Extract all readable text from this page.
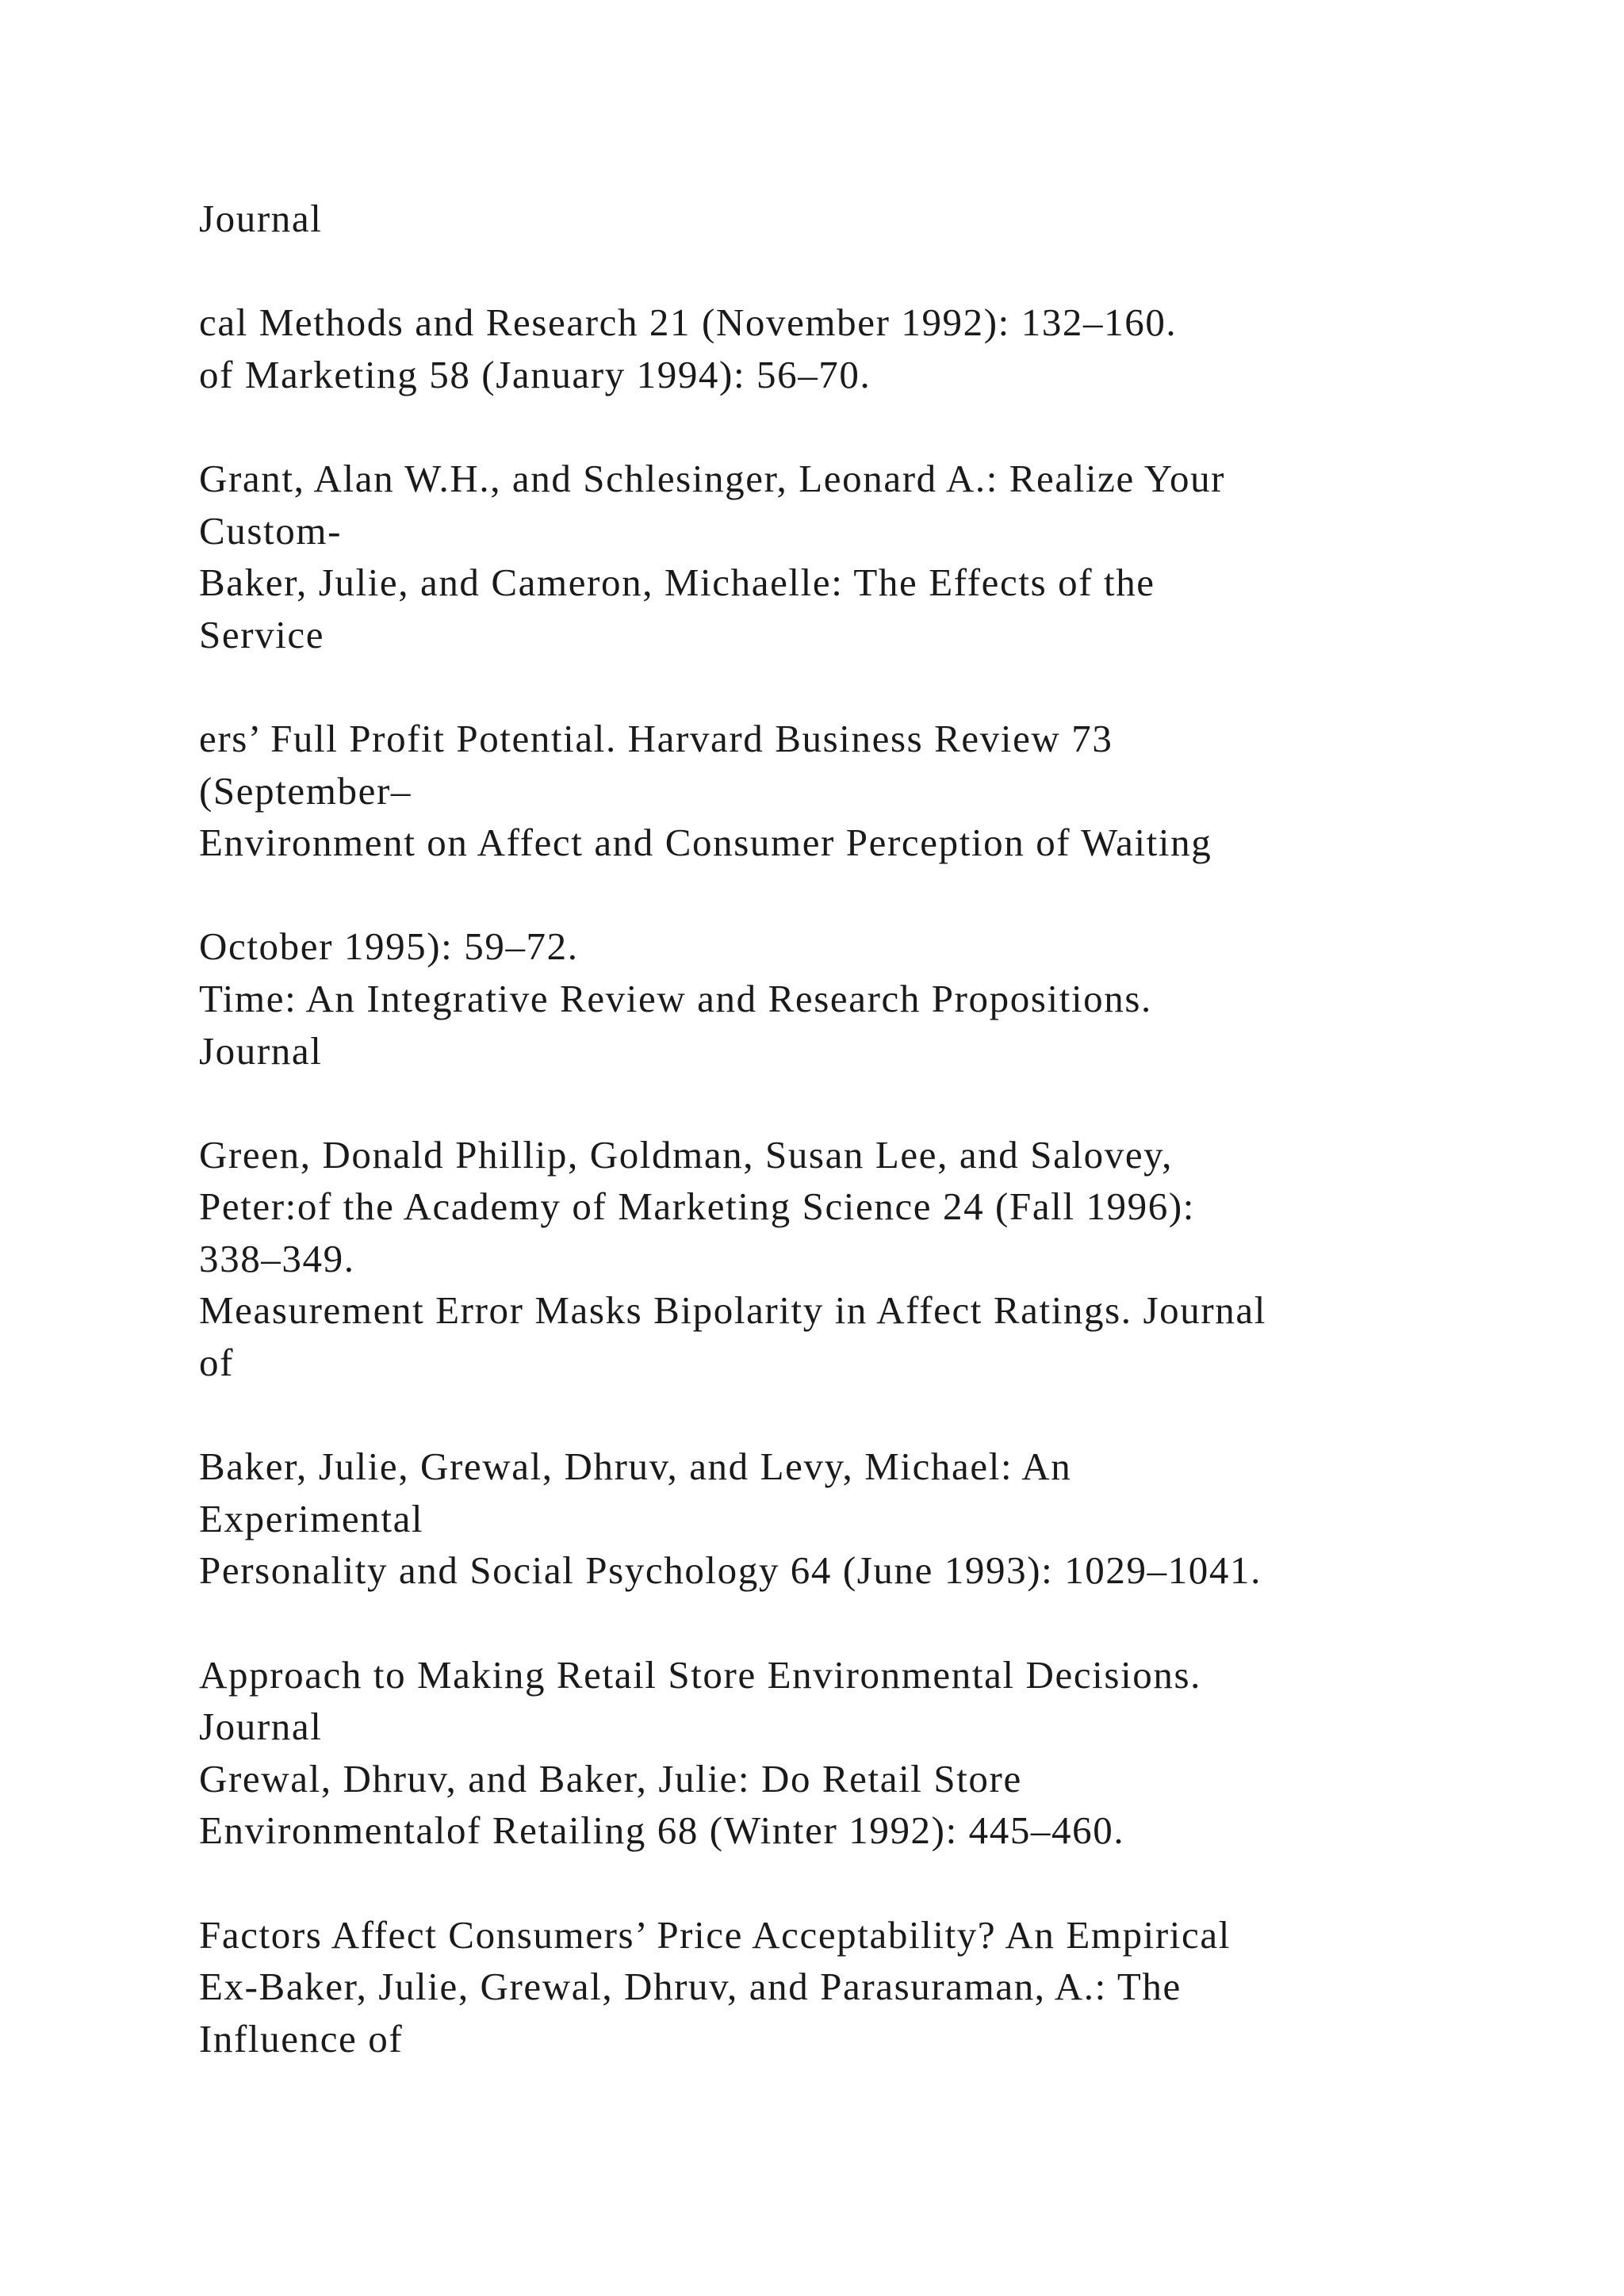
Journal
cal Methods and Research 21 (November 1992): 132–160.
of Marketing 58 (January 1994): 56–70.
Grant, Alan W.H., and Schlesinger, Leonard A.: Realize Your
Custom-
Baker, Julie, and Cameron, Michaelle: The Effects of the
Service
ers’ Full Profit Potential. Harvard Business Review 73
(September–
Environment on Affect and Consumer Perception of Waiting
October 1995): 59–72.
Time: An Integrative Review and Research Propositions.
Journal
Green, Donald Phillip, Goldman, Susan Lee, and Salovey,
Peter:of the Academy of Marketing Science 24 (Fall 1996):
338–349.
Measurement Error Masks Bipolarity in Affect Ratings. Journal
of
Baker, Julie, Grewal, Dhruv, and Levy, Michael: An
Experimental
Personality and Social Psychology 64 (June 1993): 1029–1041.
Approach to Making Retail Store Environmental Decisions.
Journal
Grewal, Dhruv, and Baker, Julie: Do Retail Store
Environmentalof Retailing 68 (Winter 1992): 445–460.
Factors Affect Consumers’ Price Acceptability? An Empirical
Ex-Baker, Julie, Grewal, Dhruv, and Parasuraman, A.: The
Influence of
